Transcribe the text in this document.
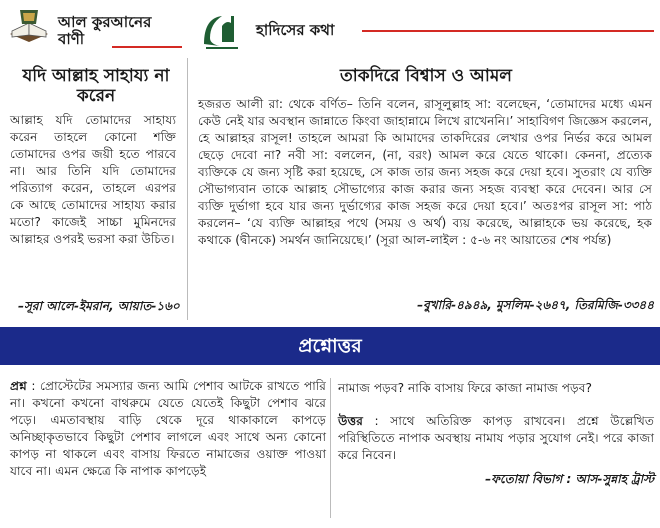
আল কুরআনের বাণী
যদি আল্লাহ সাহায্য না করেন
আল্লাহ যদি তোমাদের সাহায্য করেন তাহলে কোনো শক্তি তোমাদের ওপর জয়ী হতে পারবে না। আর তিনি যদি তোমাদের পরিত্যাগ করেন, তাহলে এরপর কে আছে তোমাদের সাহায্য করার মতো? কাজেই সাচ্চা মুমিনদের আল্লাহর ওপরই ভরসা করা উচিত।
–সূরা আলে-ইমরান, আয়াত-১৬০
হাদিসের কথা
তাকদিরে বিশ্বাস ও আমল
হজরত আলী রা: থেকে বর্ণিত– তিনি বলেন, রাসূলুল্লাহ সা: বলেছেন, ‘তোমাদের মধ্যে এমন কেউ নেই যার অবস্থান জান্নাতে কিংবা জাহান্নামে লিখে রাখেননি।’ সাহাবিগণ জিজ্ঞেস করলেন, হে আল্লাহর রাসূল! তাহলে আমরা কি আমাদের তাকদিরের লেখার ওপর নির্ভর করে আমল ছেড়ে দেবো না? নবী সা: বললেন, (না, বরং) আমল করে যেতে থাকো। কেননা, প্রত্যেক ব্যক্তিকে যে জন্য সৃষ্টি করা হয়েছে, সে কাজ তার জন্য সহজ করে দেয়া হবে। সুতরাং যে ব্যক্তি সৌভাগ্যবান তাকে আল্লাহ সৌভাগ্যের কাজ করার জন্য সহজ ব্যবস্থা করে দেবেন। আর সে ব্যক্তি দুর্ভাগা হবে যার জন্য দুর্ভাগ্যের কাজ সহজ করে দেয়া হবে।’ অতঃপর রাসূল সা: পাঠ করলেন– ‘যে ব্যক্তি আল্লাহর পথে (সময় ও অর্থ) ব্যয় করেছে, আল্লাহকে ভয় করেছে, হক কথাকে (দ্বীনকে) সমর্থন জানিয়েছে।’ (সূরা আল-লাইল : ৫-৬ নং আয়াতের শেষ পর্যন্ত)
–বুখারি-৪৯৪৯, মুসলিম-২৬৪৭, তিরমিজি-৩৩৪৪
প্রশ্নোত্তর
প্রশ্ন : প্রোস্টেটের সমস্যার জন্য আমি পেশাব আটকে রাখতে পারি না। কখনো কখনো বাথরুমে যেতে যেতেই কিছুটা পেশাব ঝরে পড়ে। এমতাবস্থায় বাড়ি থেকে দূরে থাকাকালে কাপড়ে অনিচ্ছাকৃতভাবে কিছুটা পেশাব লাগলে এবং সাথে অন্য কোনো কাপড় না থাকলে এবং বাসায় ফিরতে নামাজের ওয়াক্ত পাওয়া যাবে না। এমন ক্ষেত্রে কি নাপাক কাপড়েই
নামাজ পড়ব? নাকি বাসায় ফিরে কাজা নামাজ পড়ব?
উত্তর : সাথে অতিরিক্ত কাপড় রাখবেন। প্রশ্নে উল্লেখিত পরিস্থিতিতে নাপাক অবস্থায় নামায পড়ার সুযোগ নেই। পরে কাজা করে নিবেন।
–ফতোয়া বিভাগ : আস-সুন্নাহ ট্রাস্ট
